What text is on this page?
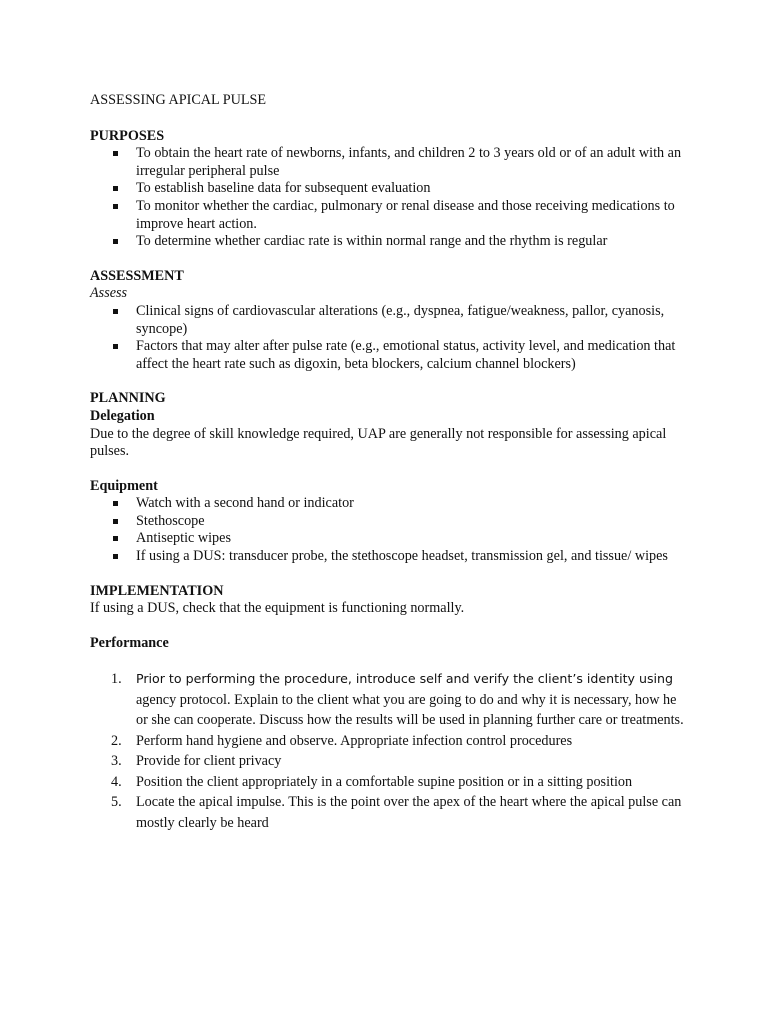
ASSESSING APICAL PULSE

PURPOSES

To obtain the heart rate of newborns, infants, and children 2 to 3 years old or of an adult with an irregular peripheral pulse
To establish baseline data for subsequent evaluation
To monitor whether the cardiac, pulmonary or renal disease and those receiving medications to improve heart action.
To determine whether cardiac rate is within normal range and the rhythm is regular

ASSESSMENT

Assess

Clinical signs of cardiovascular alterations (e.g., dyspnea, fatigue/weakness, pallor, cyanosis, syncope)
Factors that may alter after pulse rate (e.g., emotional status, activity level, and medication that affect the heart rate such as digoxin, beta blockers, calcium channel blockers)

PLANNING

Delegation

Due to the degree of skill knowledge required, UAP are generally not responsible for assessing apical pulses.

Equipment

Watch with a second hand or indicator
Stethoscope
Antiseptic wipes
If using a DUS: transducer probe, the stethoscope headset, transmission gel, and tissue/ wipes

IMPLEMENTATION

If using a DUS, check that the equipment is functioning normally.

Performance

1. Prior to performing the procedure, introduce self and verify the client’s identity using
agency protocol. Explain to the client what you are going to do and why it is necessary, how he or she can cooperate. Discuss how the results will be used in planning further care or treatments.
2. Perform hand hygiene and observe. Appropriate infection control procedures
3. Provide for client privacy
4. Position the client appropriately in a comfortable supine position or in a sitting position
5. Locate the apical impulse. This is the point over the apex of the heart where the apical pulse can mostly clearly be heard
